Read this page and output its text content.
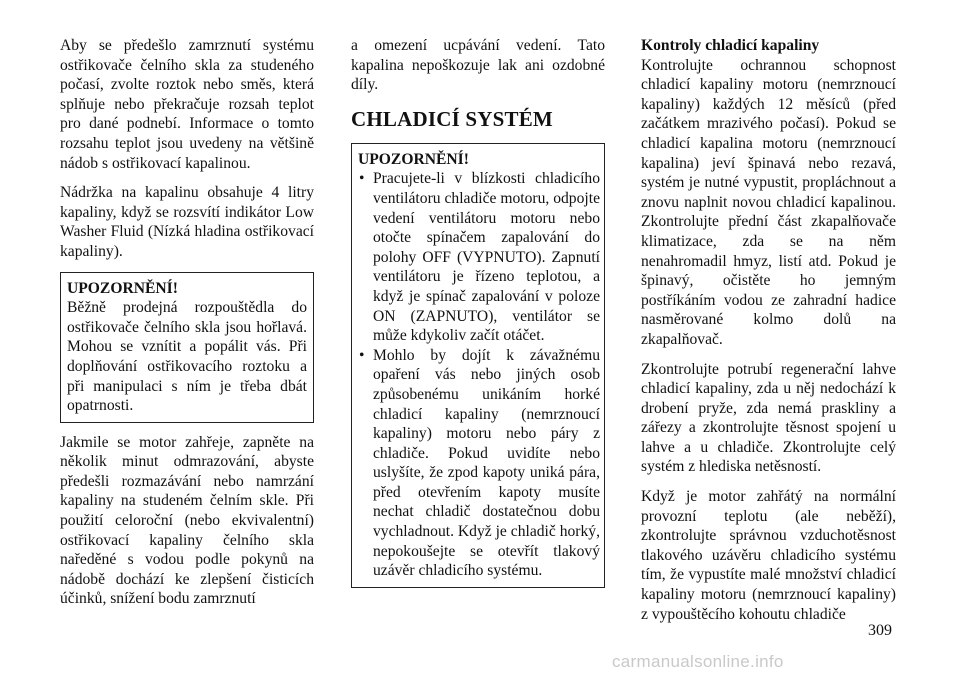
Aby se předešlo zamrznutí systému ostřikovače čelního skla za studeného počasí, zvolte roztok nebo směs, která splňuje nebo překračuje rozsah teplot pro dané podnebí. Informace o tomto rozsahu teplot jsou uvedeny na většině nádob s ostřikovací kapalinou.

Nádržka na kapalinu obsahuje 4 litry kapaliny, když se rozsvítí indikátor Low Washer Fluid (Nízká hladina ostřikovací kapaliny).

UPOZORNĚNÍ!

Běžně prodejná rozpouštědla do ostřikovače čelního skla jsou hořlavá. Mohou se vznítit a popálit vás. Při doplňování ostřikovacího roztoku a při manipulaci s ním je třeba dbát opatrnosti.

Jakmile se motor zahřeje, zapněte na několik minut odmrazování, abyste předešli rozmazávání nebo namrzání kapaliny na studeném čelním skle. Při použití celoroční (nebo ekvivalentní) ostřikovací kapaliny čelního skla naředěné s vodou podle pokynů na nádobě dochází ke zlepšení čisticích účinků, snížení bodu zamrznutí

a omezení ucpávání vedení. Tato kapalina nepoškozuje lak ani ozdobné díly.

CHLADICÍ SYSTÉM
UPOZORNĚNÍ!
• Pracujete-li v blízkosti chladicího ventilátoru chladiče motoru, odpojte vedení ventilátoru motoru nebo otočte spínačem zapalování do polohy OFF (VYPNUTO). Zapnutí ventilátoru je řízeno teplotou, a když je spínač zapalování v poloze ON (ZAPNUTO), ventilátor se může kdykoliv začít otáčet.
• Mohlo by dojít k závažnému opaření vás nebo jiných osob způsobenému unikáním horké chladicí kapaliny (nemrznoucí kapaliny) motoru nebo páry z chladiče. Pokud uvidíte nebo uslyšíte, že zpod kapoty uniká pára, před otevřením kapoty musíte nechat chladič dostatečnou dobu vychladnout. Když je chladič horký, nepokoušejte se otevřít tlakový uzávěr chladicího systému.
Kontroly chladicí kapaliny

Kontrolujte ochrannou schopnost chladicí kapaliny motoru (nemrznoucí kapaliny) každých 12 měsíců (před začátkem mrazivého počasí). Pokud se chladicí kapalina motoru (nemrznoucí kapalina) jeví špinavá nebo rezavá, systém je nutné vypustit, propláchnout a znovu naplnit novou chladicí kapalinou. Zkontrolujte přední část zkapalňovače klimatizace, zda se na něm nenahromadil hmyz, listí atd. Pokud je špinavý, očistěte ho jemným postříkáním vodou ze zahradní hadice nasměrované kolmo dolů na zkapalňovač.

Zkontrolujte potrubí regenerační lahve chladicí kapaliny, zda u něj nedochází k drobení pryže, zda nemá praskliny a zářezy a zkontrolujte těsnost spojení u lahve a u chladiče. Zkontrolujte celý systém z hlediska netěsností.

Když je motor zahřátý na normální provozní teplotu (ale neběží), zkontrolujte správnou vzduchotěsnost tlakového uzávěru chladicího systému tím, že vypustíte malé množství chladicí kapaliny motoru (nemrznoucí kapaliny) z vypouštěcího kohoutu chladiče

309
carmanualsonline.info
